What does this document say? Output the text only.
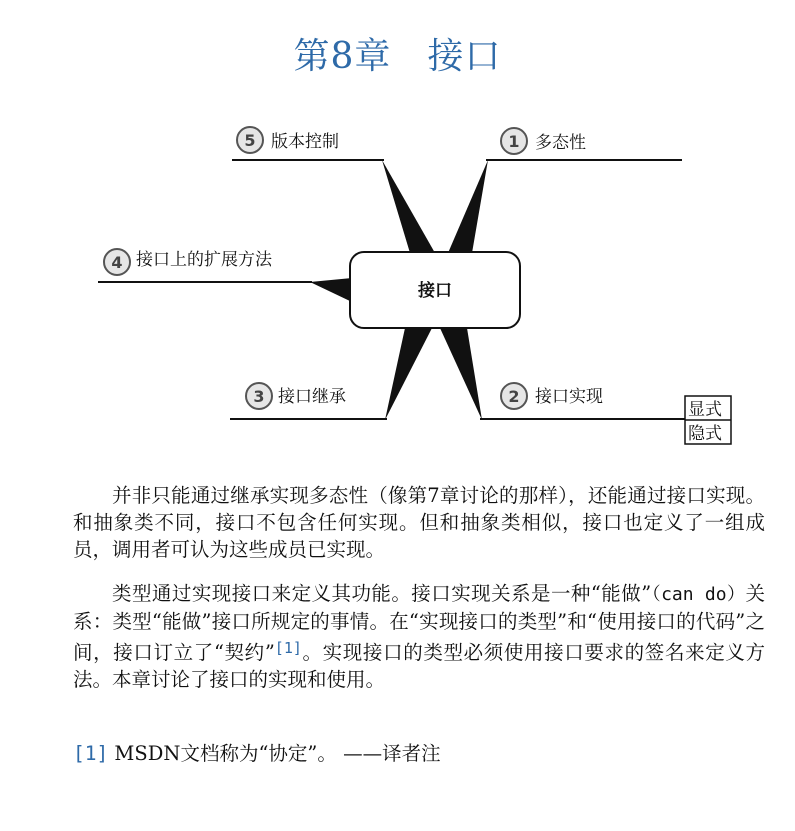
第8章 接口
显式
隐式
接口
5 版本控制	1 多态性
4 接口上的扩展方法
3 接口继承	2 接口实现

并非只能通过继承实现多态性（像第7章讨论的那样），还能通过接口实现。和抽象类不同，接口不包含任何实现。但和抽象类相似，接口也定义了一组成员，调用者可认为这些成员已实现。

类型通过实现接口来定义其功能。接口实现关系是一种“能做”（can do）关系：类型“能做”接口所规定的事情。在“实现接口的类型”和“使用接口的代码”之间，接口订立了“契约”[1]。实现接口的类型必须使用接口要求的签名来定义方法。本章讨论了接口的实现和使用。

[1] MSDN文档称为“协定”。 ——译者注
